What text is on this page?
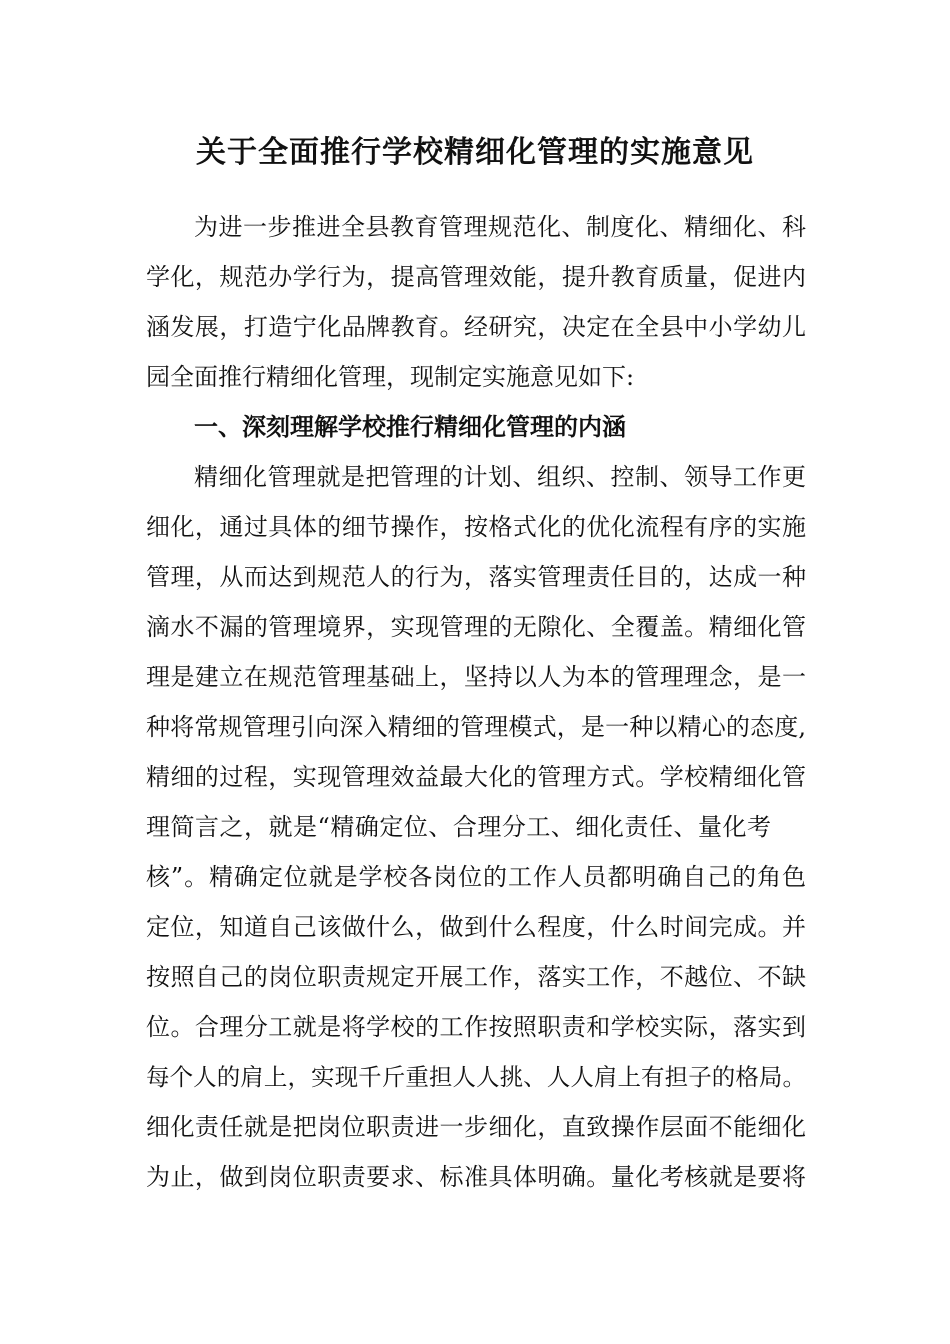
关于全面推行学校精细化管理的实施意见
为进一步推进全县教育管理规范化、制度化、精细化、科
学化，规范办学行为，提高管理效能，提升教育质量，促进内
涵发展，打造宁化品牌教育。经研究，决定在全县中小学幼儿
园全面推行精细化管理，现制定实施意见如下:
一、深刻理解学校推行精细化管理的内涵
精细化管理就是把管理的计划、组织、控制、领导工作更
细化，通过具体的细节操作，按格式化的优化流程有序的实施
管理，从而达到规范人的行为，落实管理责任目的，达成一种
滴水不漏的管理境界，实现管理的无隙化、全覆盖。精细化管
理是建立在规范管理基础上，坚持以人为本的管理理念，是一
种将常规管理引向深入精细的管理模式，是一种以精心的态度,
精细的过程，实现管理效益最大化的管理方式。学校精细化管
理简言之，就是“精确定位、合理分工、细化责任、量化考
核”。精确定位就是学校各岗位的工作人员都明确自己的角色
定位，知道自己该做什么，做到什么程度，什么时间完成。并
按照自己的岗位职责规定开展工作，落实工作，不越位、不缺
位。合理分工就是将学校的工作按照职责和学校实际，落实到
每个人的肩上，实现千斤重担人人挑、人人肩上有担子的格局。
细化责任就是把岗位职责进一步细化，直致操作层面不能细化
为止，做到岗位职责要求、标准具体明确。量化考核就是要将
